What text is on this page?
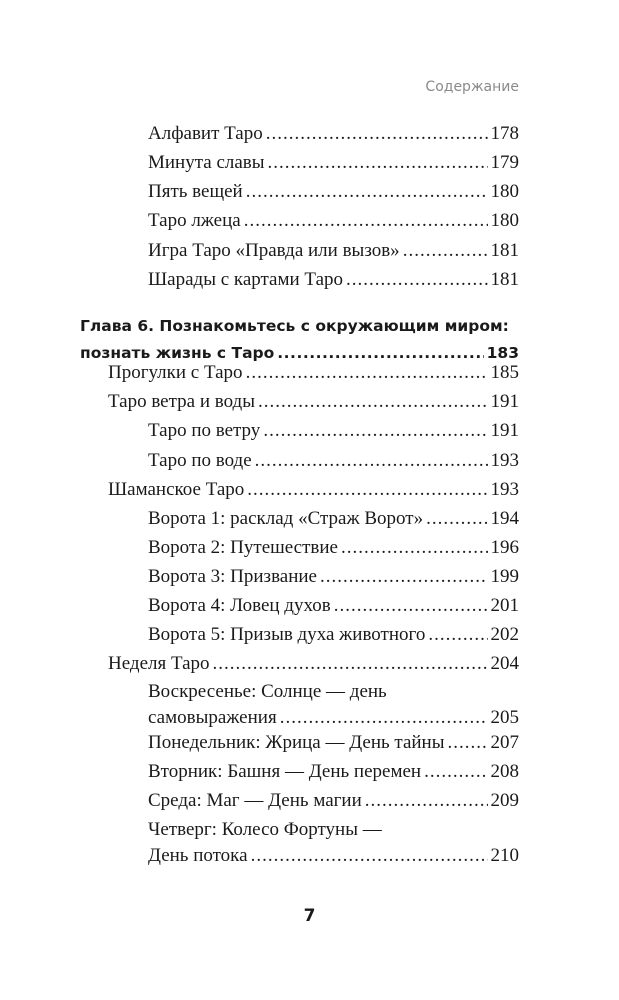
Содержание
Алфавит Таро .....	178
Минута славы .....	179
Пять вещей .....	180
Таро лжеца .....	180
Игра Таро «Правда или вызов» .....	181
Шарады с картами Таро .....	181
Глава 6. Познакомьтесь с окружающим миром:
познать жизнь с Таро .....	183
Прогулки с Таро .....	185
Таро ветра и воды .....	191
Таро по ветру .....	191
Таро по воде .....	193
Шаманское Таро .....	193
Ворота 1: расклад «Страж Ворот» .....	194
Ворота 2: Путешествие .....	196
Ворота 3: Призвание .....	199
Ворота 4: Ловец духов .....	201
Ворота 5: Призыв духа животного .....	202
Неделя Таро .....	204
Воскресенье: Солнце — день
самовыражения .....	205
Понедельник: Жрица — День тайны ..... 207
Вторник: Башня — День перемен .....	208
Среда: Маг — День магии .....	209
Четверг: Колесо Фортуны —
День потока .....	210
7
